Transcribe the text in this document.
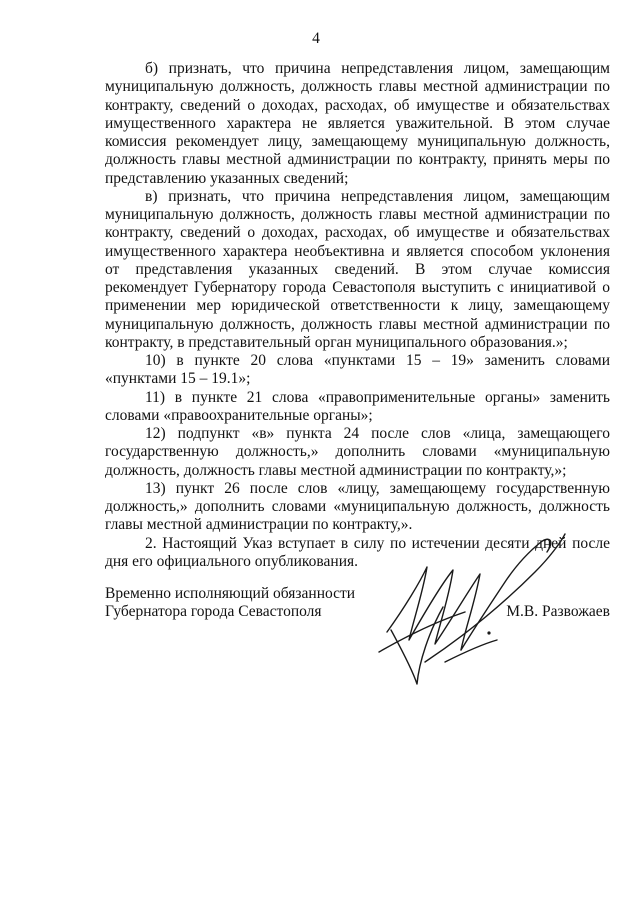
4

б) признать, что причина непредставления лицом, замещающим муниципальную должность, должность главы местной администрации по контракту, сведений о доходах, расходах, об имуществе и обязательствах имущественного характера не является уважительной. В этом случае комиссия рекомендует лицу, замещающему муниципальную должность, должность главы местной администрации по контракту, принять меры по представлению указанных сведений;

в) признать, что причина непредставления лицом, замещающим муниципальную должность, должность главы местной администрации по контракту, сведений о доходах, расходах, об имуществе и обязательствах имущественного характера необъективна и является способом уклонения от представления указанных сведений. В этом случае комиссия рекомендует Губернатору города Севастополя выступить с инициативой о применении мер юридической ответственности к лицу, замещающему муниципальную должность, должность главы местной администрации по контракту, в представительный орган муниципального образования.»;

10) в пункте 20 слова «пунктами 15 – 19» заменить словами «пунктами 15 – 19.1»;

11) в пункте 21 слова «правоприменительные органы» заменить словами «правоохранительные органы»;

12) подпункт «в» пункта 24 после слов «лица, замещающего государственную должность,» дополнить словами «муниципальную должность, должность главы местной администрации по контракту,»;

13) пункт 26 после слов «лицу, замещающему государственную должность,» дополнить словами «муниципальную должность, должность главы местной администрации по контракту,».

2. Настоящий Указ вступает в силу по истечении десяти дней после дня его официального опубликования.

Временно исполняющий обязанности
Губернатора города Севастополя	М.В. Развожаев
